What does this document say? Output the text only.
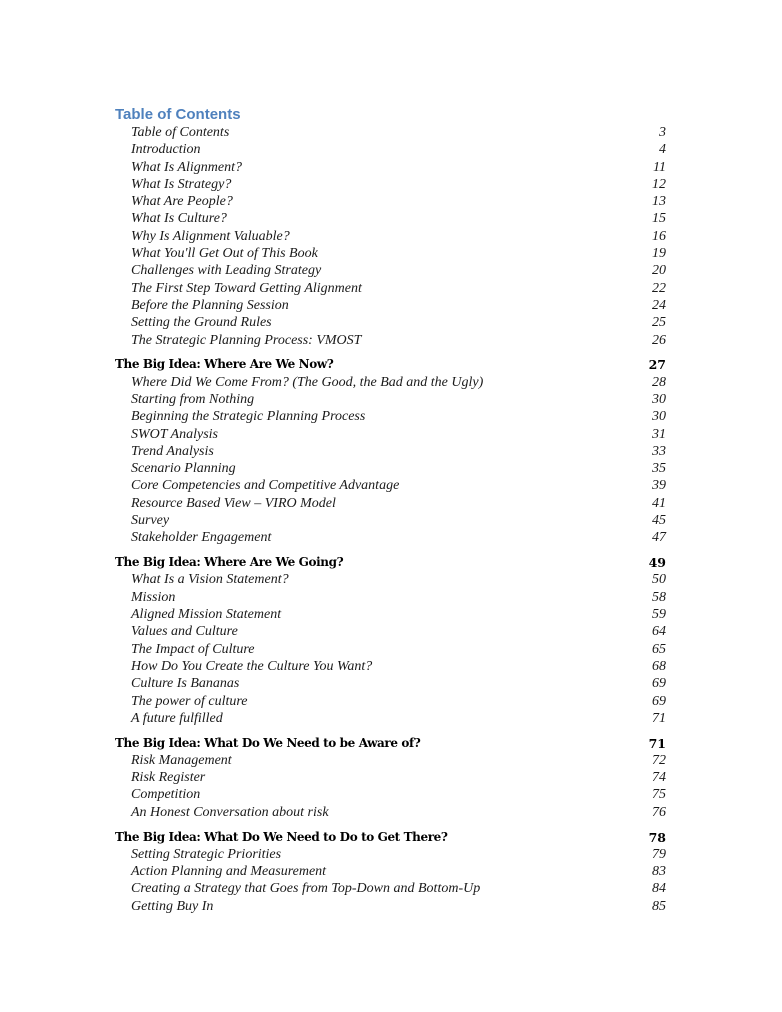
Table of Contents
Table of Contents	3
Introduction	4
What Is Alignment?	11
What Is Strategy?	12
What Are People?	13
What Is Culture?	15
Why Is Alignment Valuable?	16
What You'll Get Out of This Book	19
Challenges with Leading Strategy	20
The First Step Toward Getting Alignment	22
Before the Planning Session	24
Setting the Ground Rules	25
The Strategic Planning Process: VMOST	26
The Big Idea: Where Are We Now?	27
Where Did We Come From? (The Good, the Bad and the Ugly)	28
Starting from Nothing	30
Beginning the Strategic Planning Process	30
SWOT Analysis	31
Trend Analysis	33
Scenario Planning	35
Core Competencies and Competitive Advantage	39
Resource Based View – VIRO Model	41
Survey	45
Stakeholder Engagement	47
The Big Idea: Where Are We Going?	49
What Is a Vision Statement?	50
Mission	58
Aligned Mission Statement	59
Values and Culture	64
The Impact of Culture	65
How Do You Create the Culture You Want?	68
Culture Is Bananas	69
The power of culture	69
A future fulfilled	71
The Big Idea: What Do We Need to be Aware of?	71
Risk Management	72
Risk Register	74
Competition	75
An Honest Conversation about risk	76
The Big Idea: What Do We Need to Do to Get There?	78
Setting Strategic Priorities	79
Action Planning and Measurement	83
Creating a Strategy that Goes from Top-Down and Bottom-Up	84
Getting Buy In	85
